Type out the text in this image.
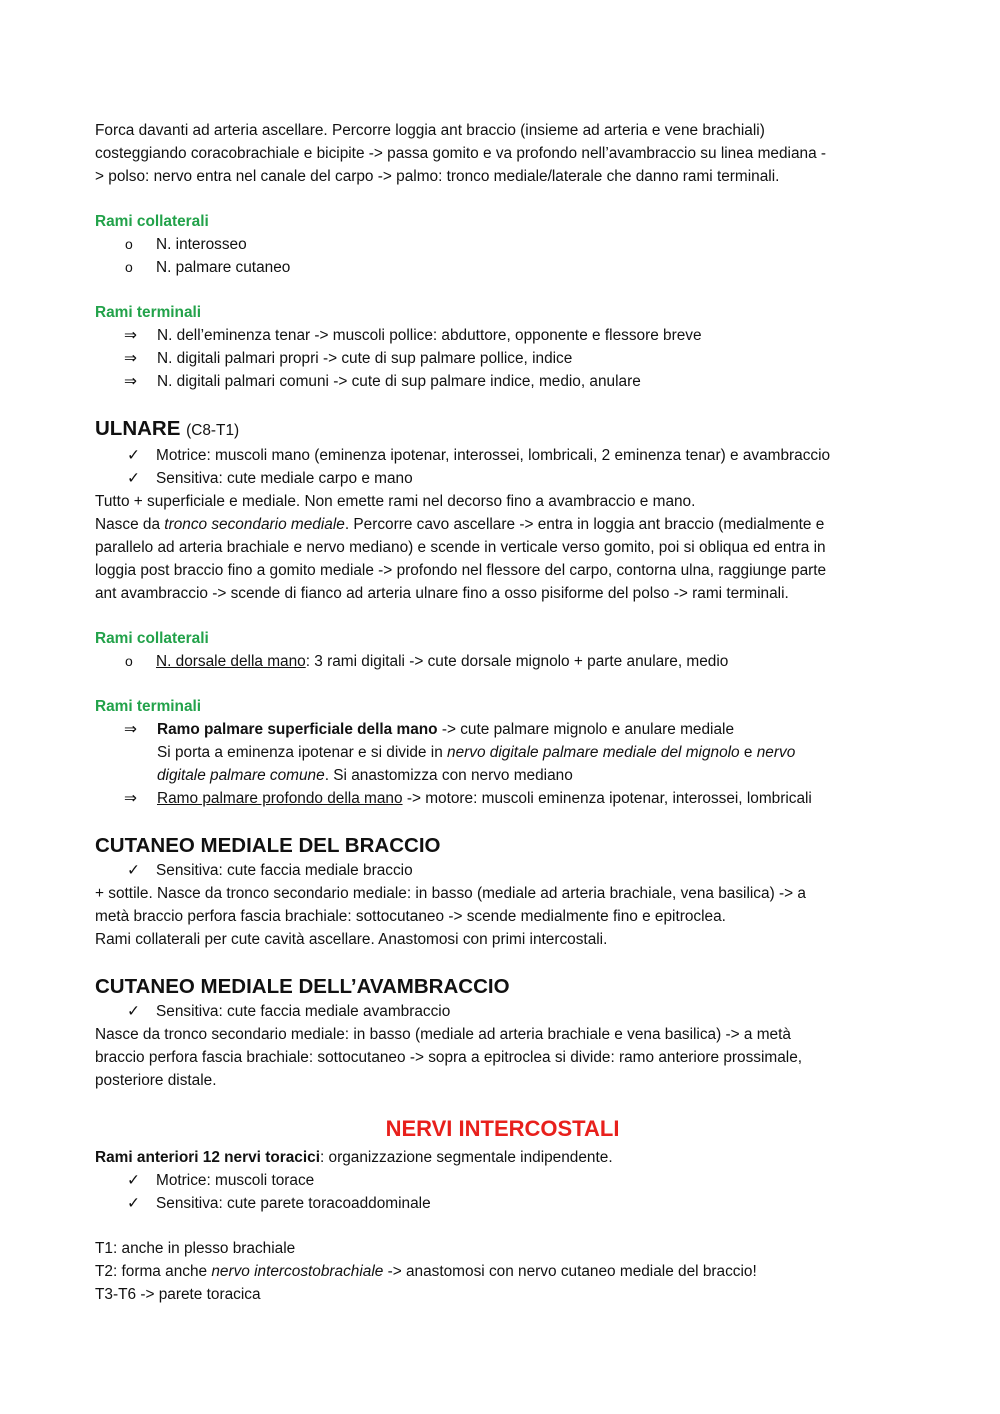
Forca davanti ad arteria ascellare. Percorre loggia ant braccio (insieme ad arteria e vene brachiali)

costeggiando coracobrachiale e bicipite -> passa gomito e va profondo nell’avambraccio su linea mediana -

> polso: nervo entra nel canale del carpo -> palmo: tronco mediale/laterale che danno rami terminali.

Rami collaterali

o N. interosseo
o N. palmare cutaneo

Rami terminali

⇒ N. dell’eminenza tenar -> muscoli pollice: abduttore, opponente e flessore breve
⇒ N. digitali palmari propri -> cute di sup palmare pollice, indice
⇒ N. digitali palmari comuni -> cute di sup palmare indice, medio, anulare

ULNARE (C8-T1)

✓ Motrice: muscoli mano (eminenza ipotenar, interossei, lombricali, 2 eminenza tenar) e avambraccio
✓ Sensitiva: cute mediale carpo e mano

Tutto + superficiale e mediale. Non emette rami nel decorso fino a avambraccio e mano.

Nasce da tronco secondario mediale. Percorre cavo ascellare -> entra in loggia ant braccio (medialmente e

parallelo ad arteria brachiale e nervo mediano) e scende in verticale verso gomito, poi si obliqua ed entra in

loggia post braccio fino a gomito mediale -> profondo nel flessore del carpo, contorna ulna, raggiunge parte

ant avambraccio -> scende di fianco ad arteria ulnare fino a osso pisiforme del polso -> rami terminali.

Rami collaterali

o N. dorsale della mano: 3 rami digitali -> cute dorsale mignolo + parte anulare, medio

Rami terminali

⇒ Ramo palmare superficiale della mano -> cute palmare mignolo e anulare mediale

Si porta a eminenza ipotenar e si divide in nervo digitale palmare mediale del mignolo e nervo

digitale palmare comune. Si anastomizza con nervo mediano

⇒ Ramo palmare profondo della mano -> motore: muscoli eminenza ipotenar, interossei, lombricali

CUTANEO MEDIALE DEL BRACCIO

✓ Sensitiva: cute faccia mediale braccio

+ sottile. Nasce da tronco secondario mediale: in basso (mediale ad arteria brachiale, vena basilica) -> a

metà braccio perfora fascia brachiale: sottocutaneo -> scende medialmente fino e epitroclea.

Rami collaterali per cute cavità ascellare. Anastomosi con primi intercostali.

CUTANEO MEDIALE DELL’AVAMBRACCIO

✓ Sensitiva: cute faccia mediale avambraccio

Nasce da tronco secondario mediale: in basso (mediale ad arteria brachiale e vena basilica) -> a metà

braccio perfora fascia brachiale: sottocutaneo -> sopra a epitroclea si divide: ramo anteriore prossimale,

posteriore distale.

NERVI INTERCOSTALI

Rami anteriori 12 nervi toracici: organizzazione segmentale indipendente.

✓ Motrice: muscoli torace
✓ Sensitiva: cute parete toracoaddominale

T1: anche in plesso brachiale

T2: forma anche nervo intercostobrachiale -> anastomosi con nervo cutaneo mediale del braccio!

T3-T6 -> parete toracica
